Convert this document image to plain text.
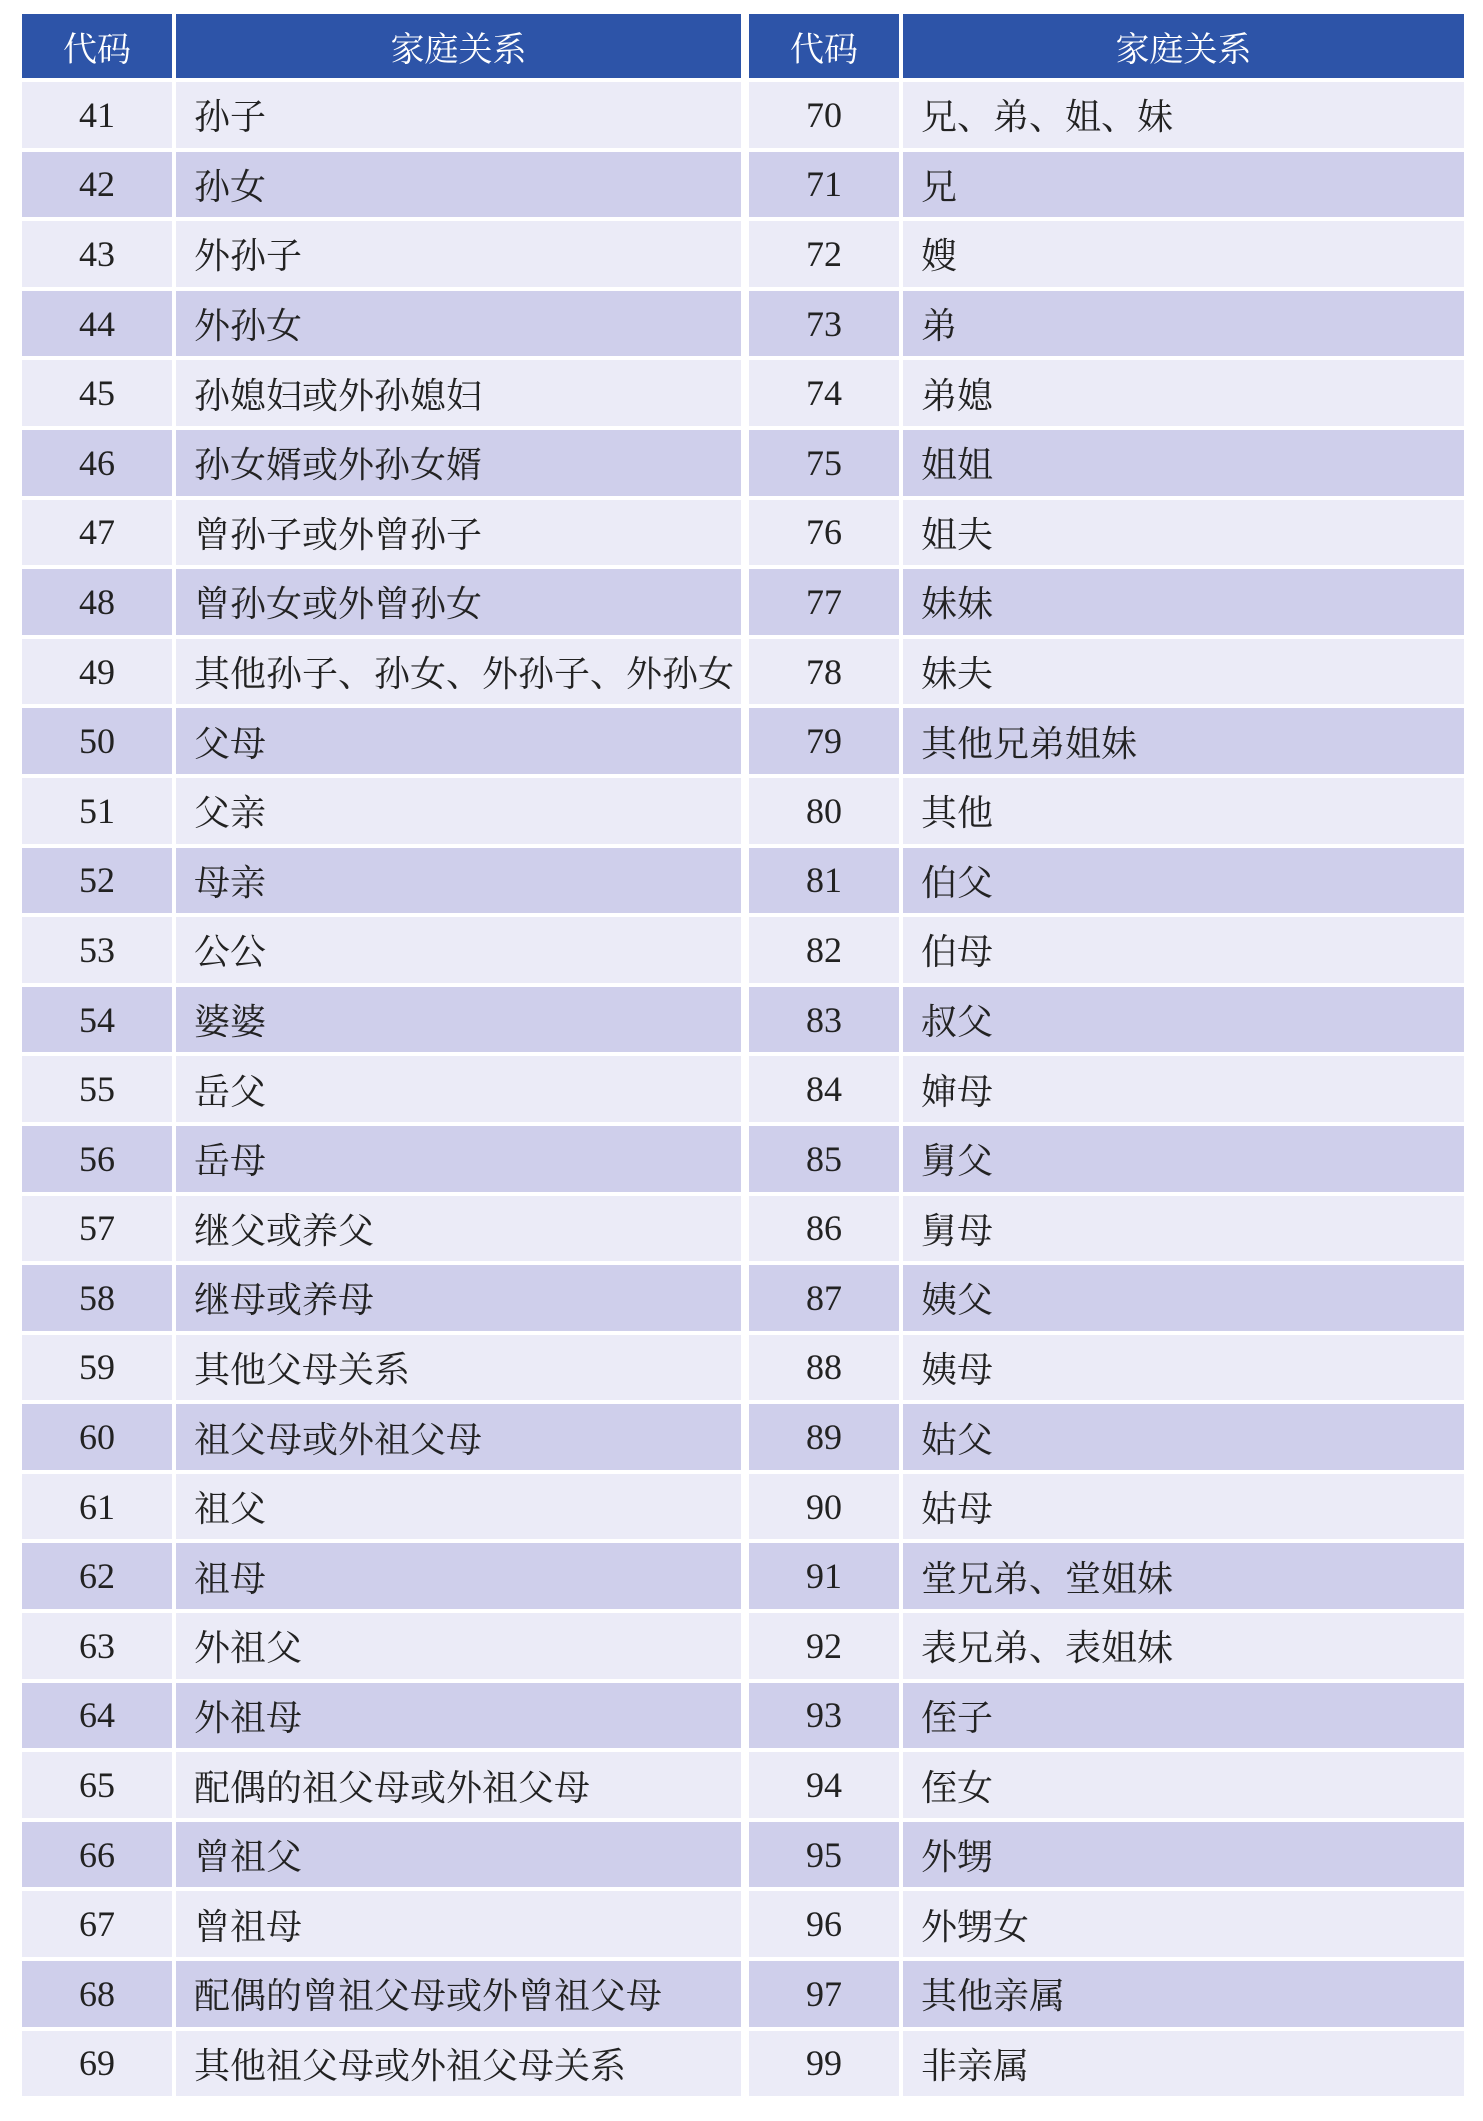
代码	家庭关系
41	孙子
42	孙女
43	外孙子
44	外孙女
45	孙媳妇或外孙媳妇
46	孙女婿或外孙女婿
47	曾孙子或外曾孙子
48	曾孙女或外曾孙女
49	其他孙子、孙女、外孙子、外孙女
50	父母
51	父亲
52	母亲
53	公公
54	婆婆
55	岳父
56	岳母
57	继父或养父
58	继母或养母
59	其他父母关系
60	祖父母或外祖父母
61	祖父
62	祖母
63	外祖父
64	外祖母
65	配偶的祖父母或外祖父母
66	曾祖父
67	曾祖母
68	配偶的曾祖父母或外曾祖父母
69	其他祖父母或外祖父母关系
代码	家庭关系
70	兄、弟、姐、妹
71	兄
72	嫂
73	弟
74	弟媳
75	姐姐
76	姐夫
77	妹妹
78	妹夫
79	其他兄弟姐妹
80	其他
81	伯父
82	伯母
83	叔父
84	婶母
85	舅父
86	舅母
87	姨父
88	姨母
89	姑父
90	姑母
91	堂兄弟、堂姐妹
92	表兄弟、表姐妹
93	侄子
94	侄女
95	外甥
96	外甥女
97	其他亲属
99	非亲属
